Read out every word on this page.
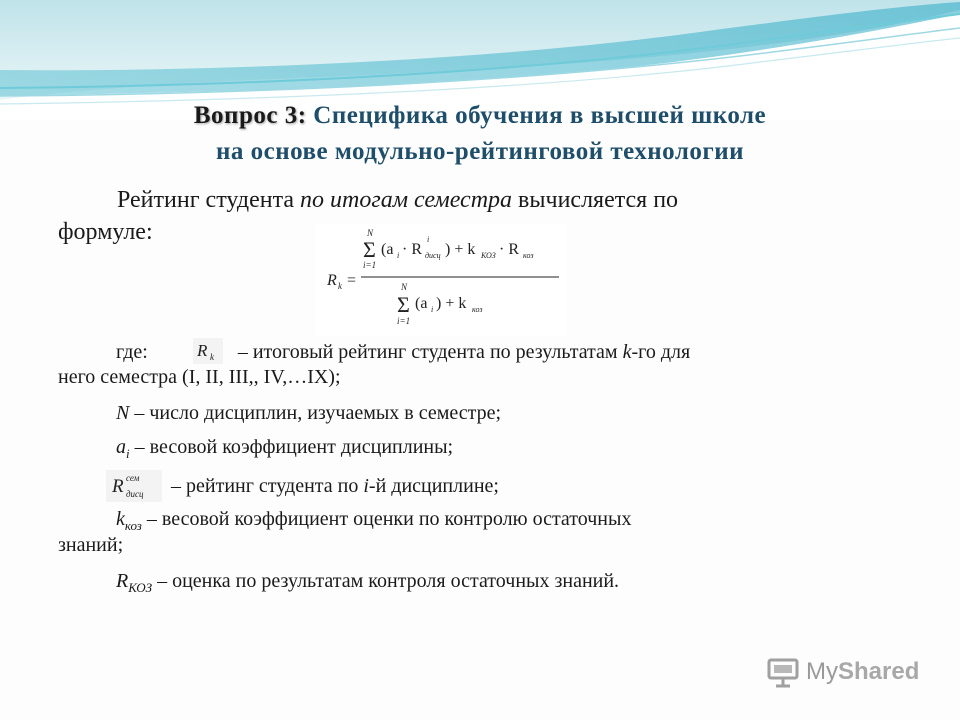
Вопрос 3: Специфика обучения в высшей школе
на основе модульно-рейтинговой технологии
Рейтинг студента по итогам семестра вычисляется по
формуле:
R k =
N
Σ
i=1
(a i · R
i
дисц ) + k КОЗ · R коз
N
Σ
i=1
(a i ) + k коз
где:	R k – итоговый рейтинг студента по результатам k-го для
него семестра (I, II, III,, IV,…IX);
N – число дисциплин, изучаемых в семестре;
$a_i$ – весовой коэффициент дисциплины;
R сем
дисц – рейтинг студента по i-й дисциплине;
$k_{коз}$ – весовой коэффициент оценки по контролю остаточных
знаний;
$R_{КОЗ}$ – оценка по результатам контроля остаточных знаний.
MyShared
